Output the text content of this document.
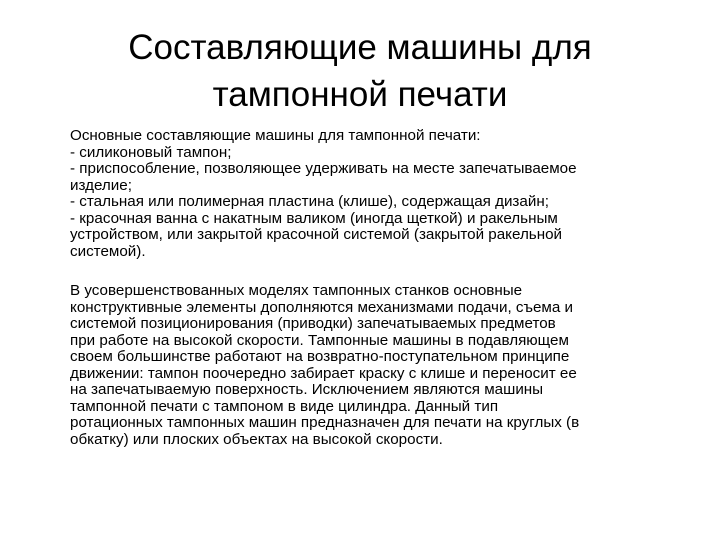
Составляющие машины для
тампонной печати
Основные составляющие машины для тампонной печати:
- силиконовый тампон;
- приспособление, позволяющее удерживать на месте запечатываемое
изделие;
- стальная или полимерная пластина (клише), содержащая дизайн;
- красочная ванна с накатным валиком (иногда щеткой) и ракельным
устройством, или закрытой красочной системой (закрытой ракельной
системой).
В усовершенствованных моделях тампонных станков основные
конструктивные элементы дополняются механизмами подачи, съема и
системой позиционирования (приводки) запечатываемых предметов
при работе на высокой скорости. Тампонные машины в подавляющем
своем большинстве работают на возвратно-поступательном принципе
движении: тампон поочередно забирает краску с клише и переносит ее
на запечатываемую поверхность. Исключением являются машины
тампонной печати с тампоном в виде цилиндра. Данный тип
ротационных тампонных машин предназначен для печати на круглых (в
обкатку) или плоских объектах на высокой скорости.
